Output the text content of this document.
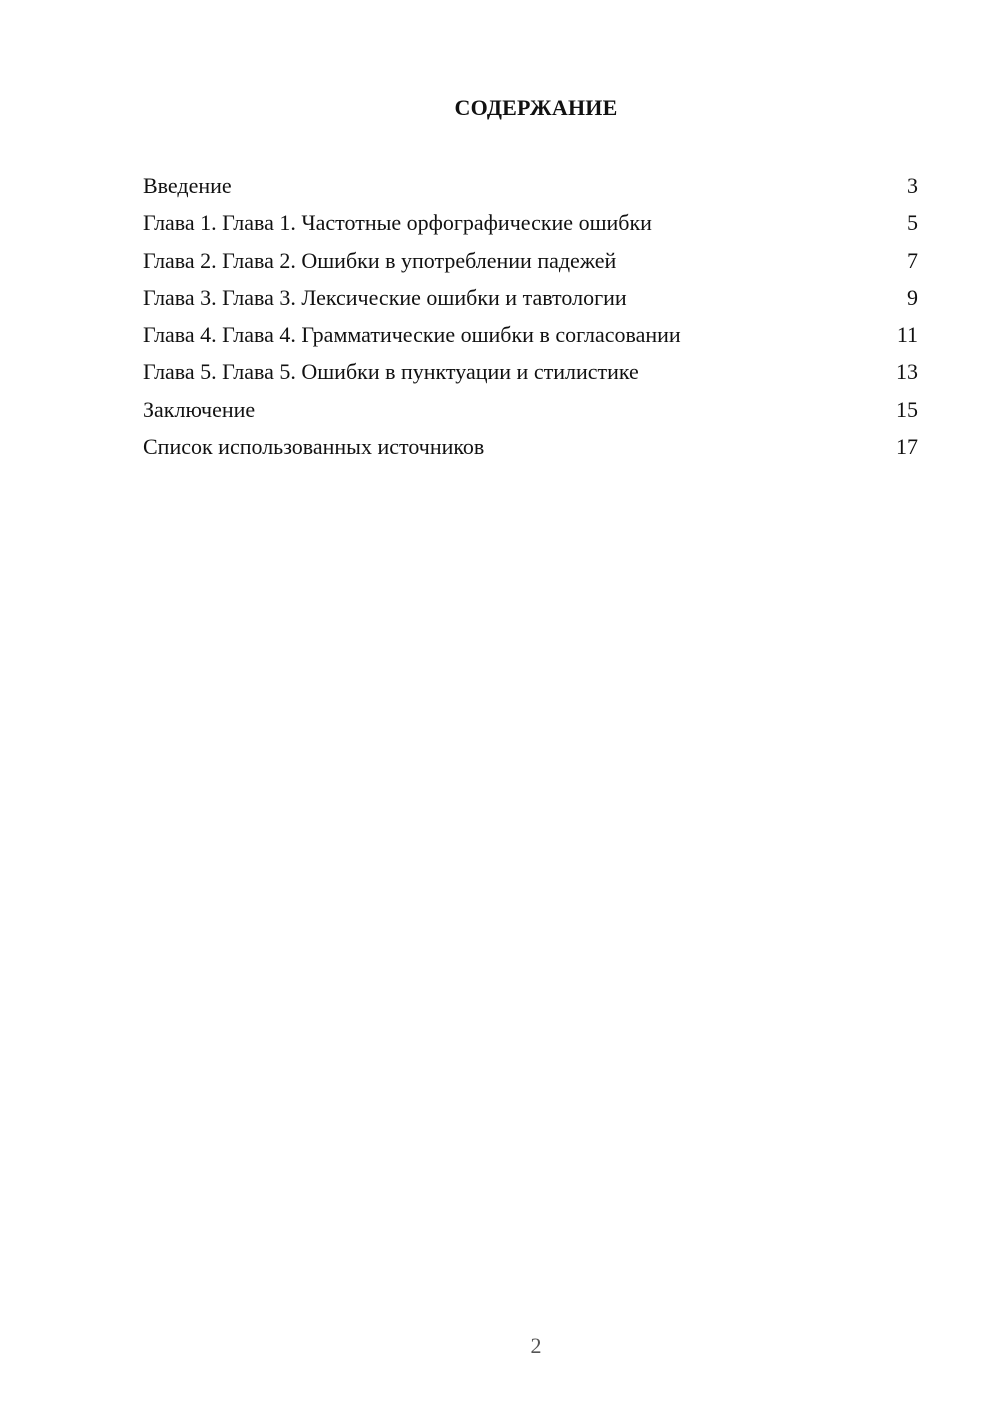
СОДЕРЖАНИЕ
Введение	3
Глава 1. Глава 1. Частотные орфографические ошибки	5
Глава 2. Глава 2. Ошибки в употреблении падежей	7
Глава 3. Глава 3. Лексические ошибки и тавтологии	9
Глава 4. Глава 4. Грамматические ошибки в согласовании	11
Глава 5. Глава 5. Ошибки в пунктуации и стилистике	13
Заключение	15
Список использованных источников	17
2
